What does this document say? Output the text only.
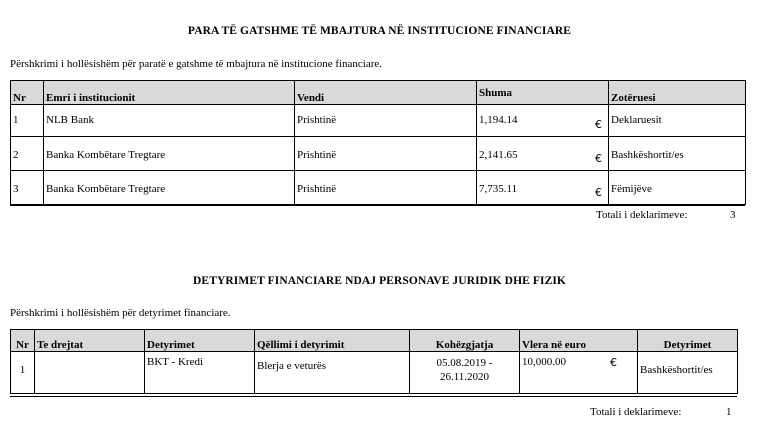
PARA TË GATSHME TË MBAJTURA NË INSTITUCIONE FINANCIARE
Përshkrimi i hollësishëm për paratë e gatshme të mbajtura në institucione financiare.
Nr	Emri i institucionit	Vendi	Shuma	Zotëruesi
1	NLB Bank	Prishtinë	1,194.14 €	Deklaruesit
2	Banka Kombëtare Tregtare	Prishtinë	2,141.65 €	Bashkëshortit/es
3	Banka Kombëtare Tregtare	Prishtinë	7,735.11 €	Fëmijëve
Totali i deklarimeve:	3
DETYRIMET FINANCIARE NDAJ PERSONAVE JURIDIK DHE FIZIK
Përshkrimi i hollësishëm për detyrimet financiare.
Nr	Te drejtat	Detyrimet	Qëllimi i detyrimit	Kohëzgjatja	Vlera në euro	Detyrimet
1		BKT - Kredi	Blerja e veturës	05.08.2019 - 26.11.2020	10,000.00 €	Bashkëshortit/es
Totali i deklarimeve:	1
